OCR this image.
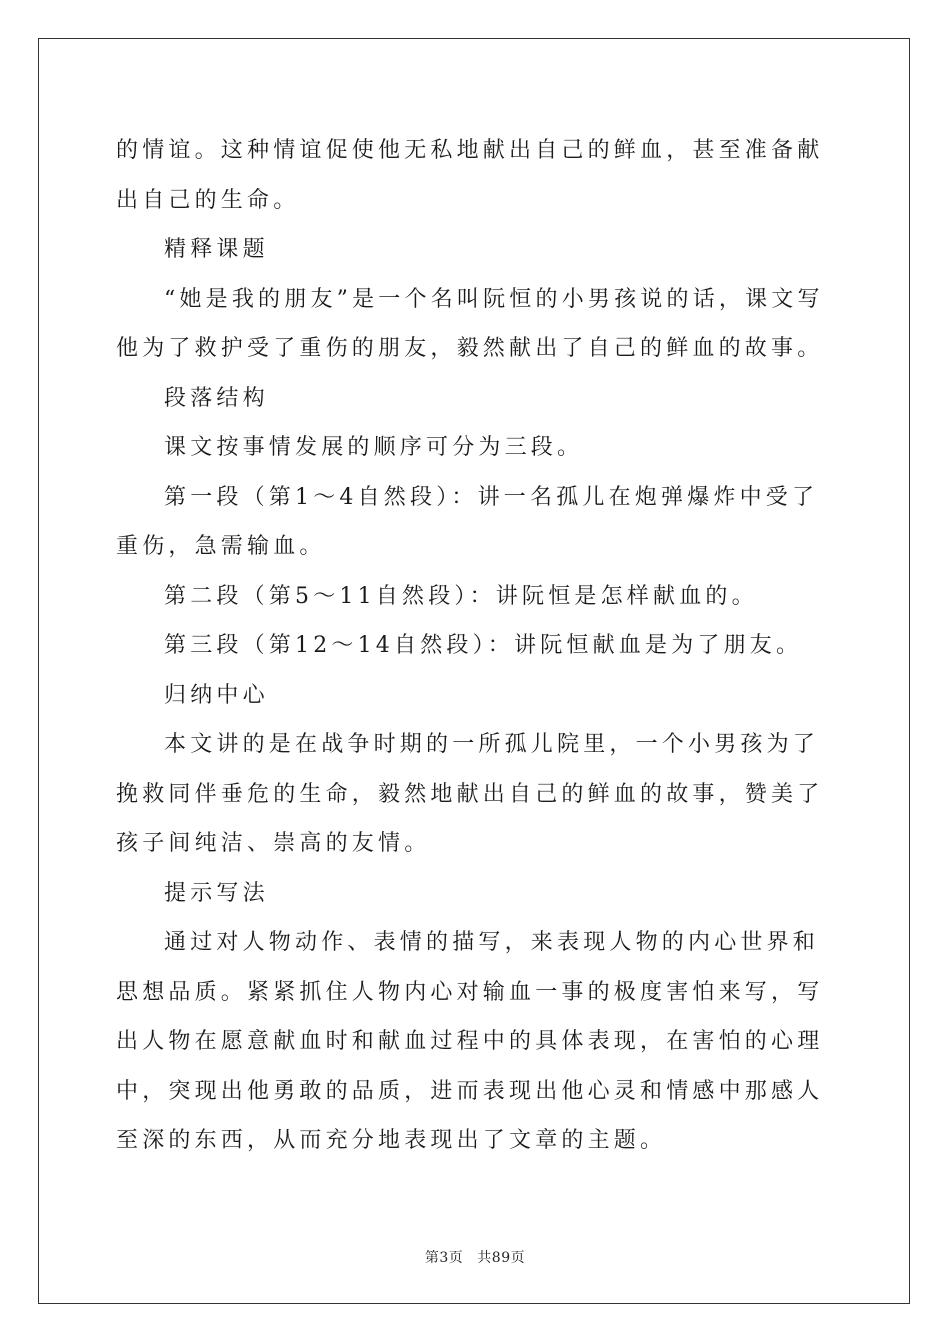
的情谊。这种情谊促使他无私地献出自己的鲜血，甚至准备献出自己的生命。

精释课题

“她是我的朋友”是一个名叫阮恒的小男孩说的话，课文写他为了救护受了重伤的朋友，毅然献出了自己的鲜血的故事。

段落结构

课文按事情发展的顺序可分为三段。

第一段（第1～4自然段）：讲一名孤儿在炮弹爆炸中受了重伤，急需输血。

第二段（第5～11自然段）：讲阮恒是怎样献血的。

第三段（第12～14自然段）：讲阮恒献血是为了朋友。

归纳中心

本文讲的是在战争时期的一所孤儿院里，一个小男孩为了挽救同伴垂危的生命，毅然地献出自己的鲜血的故事，赞美了孩子间纯洁、崇高的友情。

提示写法

通过对人物动作、表情的描写，来表现人物的内心世界和思想品质。紧紧抓住人物内心对输血一事的极度害怕来写，写出人物在愿意献血时和献血过程中的具体表现，在害怕的心理中，突现出他勇敢的品质，进而表现出他心灵和情感中那感人至深的东西，从而充分地表现出了文章的主题。

第3页 共89页
